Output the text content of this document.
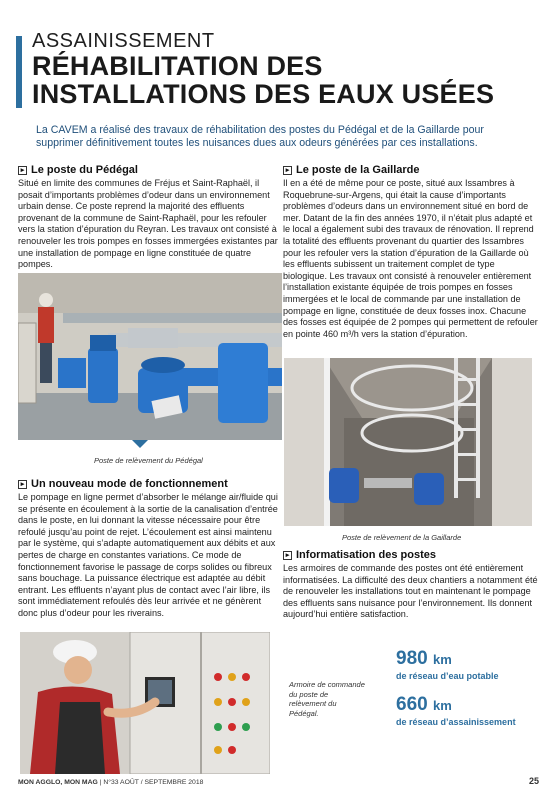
ASSAINISSEMENT
RÉHABILITATION DES INSTALLATIONS DES EAUX USÉES
La CAVEM a réalisé des travaux de réhabilitation des postes du Pédégal et de la Gaillarde pour supprimer définitivement toutes les nuisances dues aux odeurs générées par ces installations.
▸ Le poste du Pédégal
Situé en limite des communes de Fréjus et Saint-Raphaël, il posait d’importants problèmes d’odeur dans un environnement urbain dense. Ce poste reprend la majorité des effluents provenant de la commune de Saint-Raphaël, pour les refouler vers la station d’épuration du Reyran. Les travaux ont consisté à renouveler les trois pompes en fosses immergées existantes par une installation de pompage en ligne constituée de quatre pompes.
▸ Le poste de la Gaillarde
Il en a été de même pour ce poste, situé aux Issambres à Roquebrune-sur-Argens, qui était la cause d’importants problèmes d’odeurs dans un environnement situé en bord de mer. Datant de la fin des années 1970, il n’était plus adapté et le local a également subi des travaux de rénovation. Il reprend la totalité des effluents provenant du quartier des Issambres pour les refouler vers la station d’épuration de la Gaillarde où les effluents subissent un traitement complet de type biologique. Les travaux ont consisté à renouveler entièrement l’installation existante équipée de trois pompes en fosses immergées et le local de commande par une installation de pompage en ligne, constituée de deux fosses inox. Chacune des fosses est équipée de 2 pompes qui permettent de refouler en pointe 460 m³/h vers la station d’épuration.
Poste de relèvement du Pédégal
Poste de relèvement de la Gaillarde
▸ Un nouveau mode de fonctionnement
Le pompage en ligne permet d’absorber le mélange air/fluide qui se présente en écoulement à la sortie de la canalisation d’entrée dans le poste, en lui donnant la vitesse nécessaire pour être refoulé jusqu’au point de rejet. L’écoulement est ainsi maintenu par le système, qui s’adapte automatiquement aux débits et aux pertes de charge en constantes variations. Ce mode de fonctionnement favorise le passage de corps solides ou fibreux sans bouchage. La puissance électrique est adaptée au débit entrant. Les effluents n’ayant plus de contact avec l’air libre, ils sont immédiatement refoulés dès leur arrivée et ne génèrent donc plus d’odeur pour les riverains.
▸ Informatisation des postes
Les armoires de commande des postes ont été entièrement informatisées. La difficulté des deux chantiers a notamment été de renouveler les installations tout en maintenant le pompage des effluents sans nuisance pour l’environnement. Ils donnent aujourd’hui entière satisfaction.
Armoire de commande du poste de relèvement du Pédégal.
980 km
de réseau d’eau potable
660 km
de réseau d’assainissement
MON AGGLO, MON MAG | N°33 AOÛT / SEPTEMBRE 2018	25
